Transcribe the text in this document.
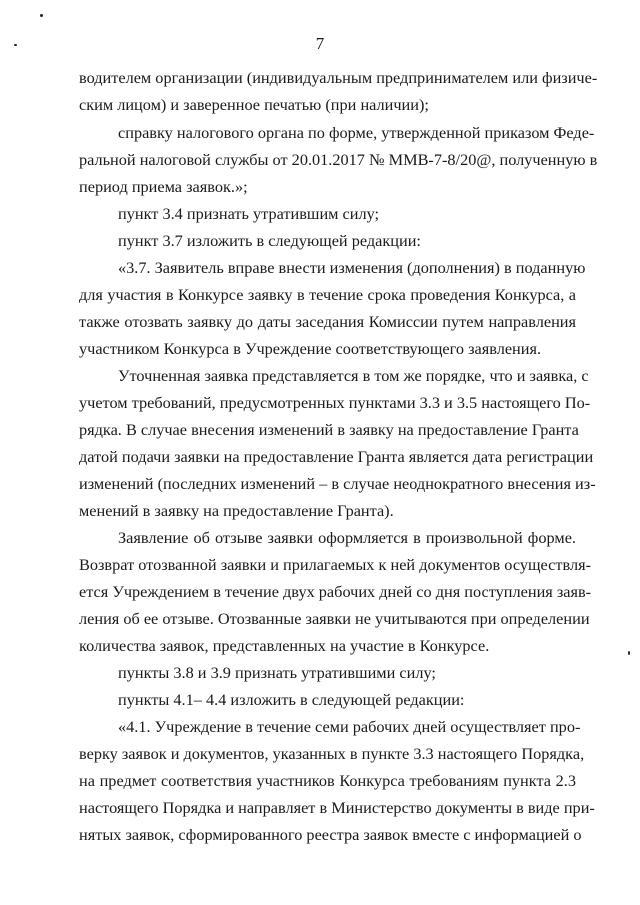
7
водителем организации (индивидуальным предпринимателем или физиче-
ским лицом) и заверенное печатью (при наличии);
справку налогового органа по форме, утвержденной приказом Федe-
ральной налоговой службы от 20.01.2017 № ММВ-7-8/20@, полученную в
период приема заявок.»;
пункт 3.4 признать утратившим силу;
пункт 3.7 изложить в следующей редакции:
«3.7. Заявитель вправе внести изменения (дополнения) в поданную
для участия в Конкурсе заявку в течение срока проведения Конкурса, а
также отозвать заявку до даты заседания Комиссии путем направления
участником Конкурса в Учреждение соответствующего заявления.
Уточненная заявка представляется в том же порядке, что и заявка, с
учетом требований, предусмотренных пунктами 3.3 и 3.5 настоящего По-
рядка. В случае внесения изменений в заявку на предоставление Гранта
датой подачи заявки на предоставление Гранта является дата регистрации
изменений (последних изменений – в случае неоднократного внесения из-
менений в заявку на предоставление Гранта).
Заявление об отзыве заявки оформляется в произвольной форме.
Возврат отозванной заявки и прилагаемых к ней документов осуществля-
ется Учреждением в течение двух рабочих дней со дня поступления заяв-
ления об ее отзыве. Отозванные заявки не учитываются при определении
количества заявок, представленных на участие в Конкурсе.
пункты 3.8 и 3.9 признать утратившими силу;
пункты 4.1– 4.4 изложить в следующей редакции:
«4.1. Учреждение в течение семи рабочих дней осуществляет про-
верку заявок и документов, указанных в пункте 3.3 настоящего Порядка,
на предмет соответствия участников Конкурса требованиям пункта 2.3
настоящего Порядка и направляет в Министерство документы в виде при-
нятых заявок, сформированного реестра заявок вместе с информацией о
